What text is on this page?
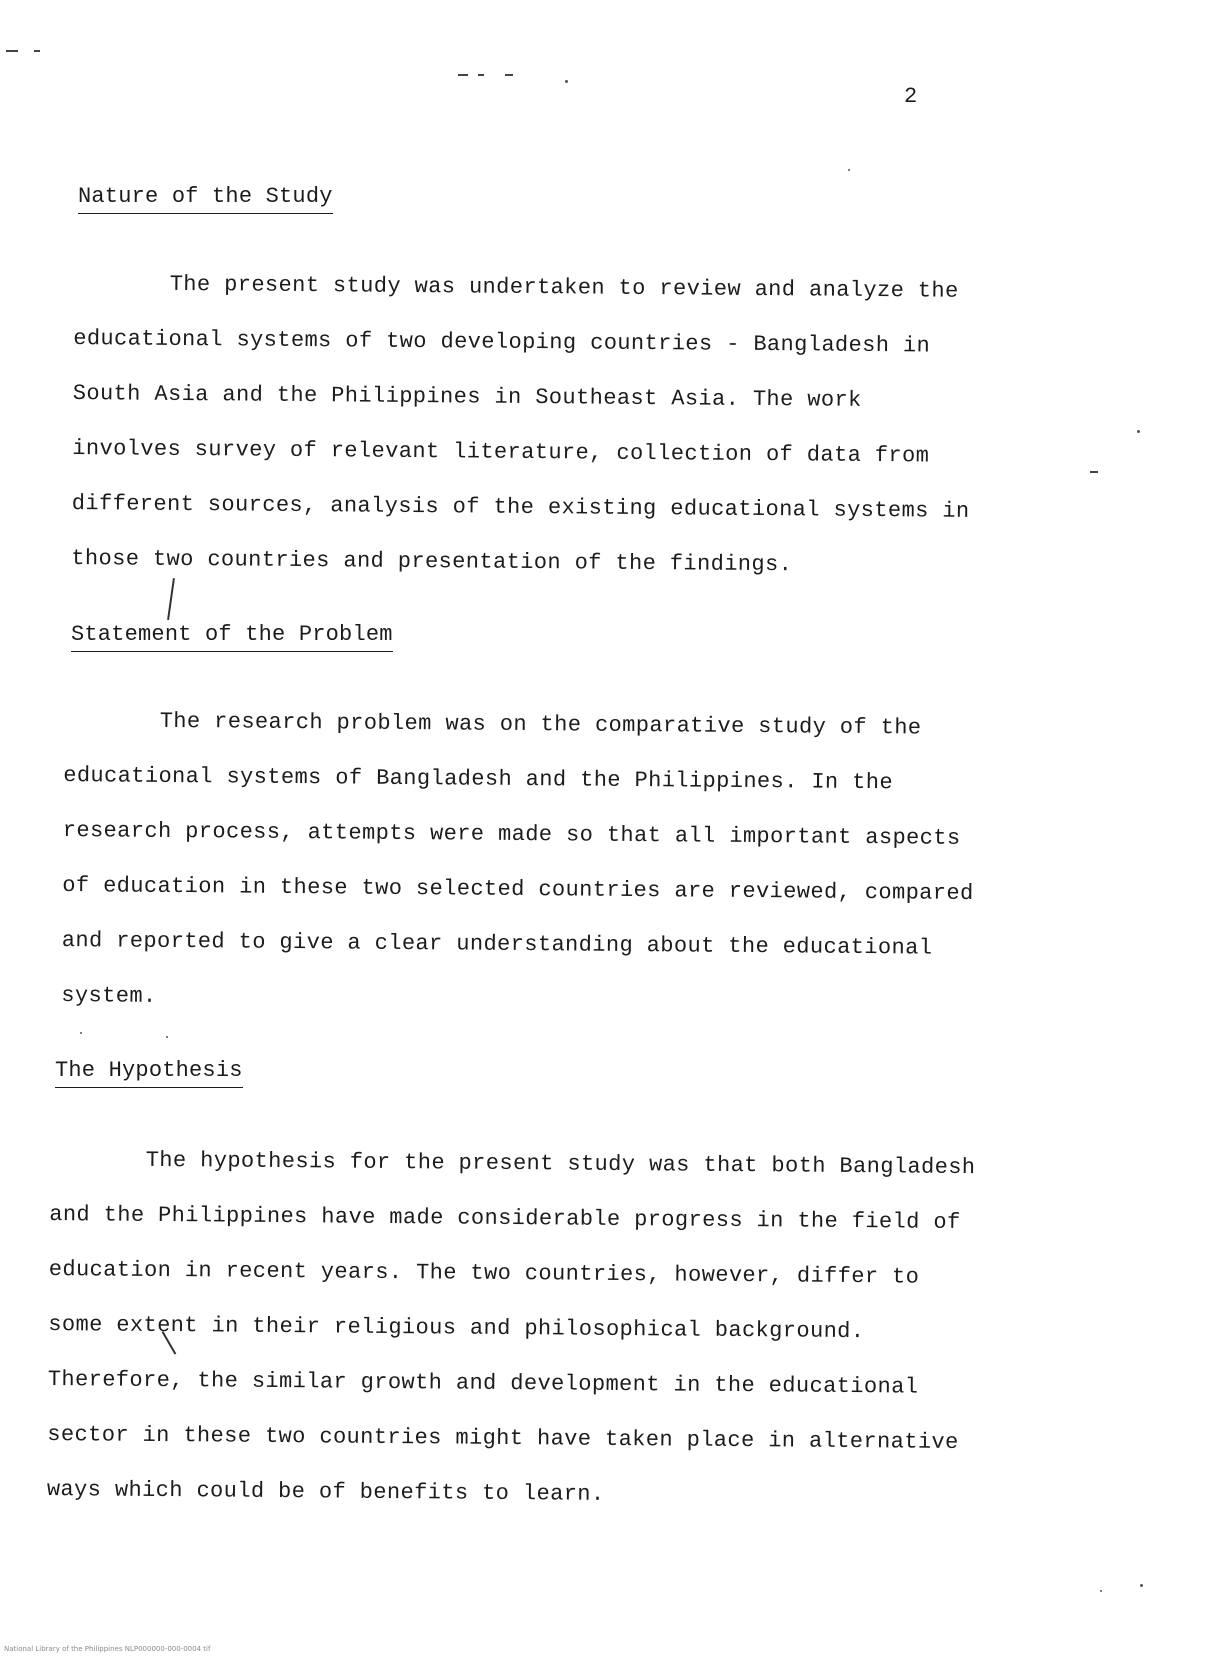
2
Nature of the Study
The present study was undertaken to review and analyze the
educational systems of two developing countries - Bangladesh in
South Asia and the Philippines in Southeast Asia. The work
involves survey of relevant literature, collection of data from
different sources, analysis of the existing educational systems in
those two countries and presentation of the findings.
Statement of the Problem
The research problem was on the comparative study of the
educational systems of Bangladesh and the Philippines. In the
research process, attempts were made so that all important aspects
of education in these two selected countries are reviewed, compared
and reported to give a clear understanding about the educational
system.
The Hypothesis
The hypothesis for the present study was that both Bangladesh
and the Philippines have made considerable progress in the field of
education in recent years. The two countries, however, differ to
some extent in their religious and philosophical background.
Therefore, the similar growth and development in the educational
sector in these two countries might have taken place in alternative
ways which could be of benefits to learn.
National Library of the Philippines NLP000000-000-0004 tif
